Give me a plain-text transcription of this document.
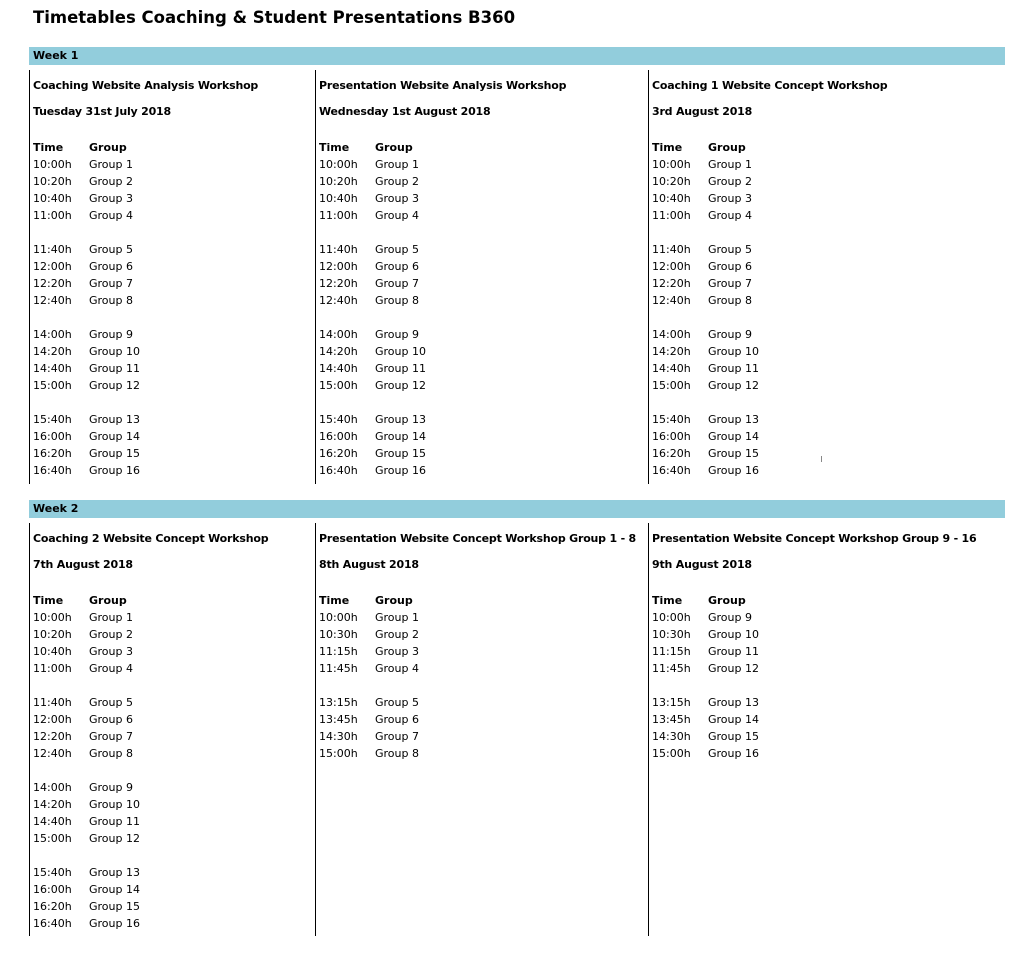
Timetables Coaching & Student Presentations B360
Week 1
Week 2
Coaching Website Analysis Workshop
Tuesday 31st July 2018
Time Group
10:00h Group 1
10:20h Group 2
10:40h Group 3
11:00h Group 4
11:40h Group 5
12:00h Group 6
12:20h Group 7
12:40h Group 8
14:00h Group 9
14:20h Group 10
14:40h Group 11
15:00h Group 12
15:40h Group 13
16:00h Group 14
16:20h Group 15
16:40h Group 16
Presentation Website Analysis Workshop
Wednesday 1st August 2018
Time Group
10:00h Group 1
10:20h Group 2
10:40h Group 3
11:00h Group 4
11:40h Group 5
12:00h Group 6
12:20h Group 7
12:40h Group 8
14:00h Group 9
14:20h Group 10
14:40h Group 11
15:00h Group 12
15:40h Group 13
16:00h Group 14
16:20h Group 15
16:40h Group 16
Coaching 1 Website Concept Workshop
3rd August 2018
Time Group
10:00h Group 1
10:20h Group 2
10:40h Group 3
11:00h Group 4
11:40h Group 5
12:00h Group 6
12:20h Group 7
12:40h Group 8
14:00h Group 9
14:20h Group 10
14:40h Group 11
15:00h Group 12
15:40h Group 13
16:00h Group 14
16:20h Group 15
16:40h Group 16
Coaching 2 Website Concept Workshop
7th August 2018
Time Group
10:00h Group 1
10:20h Group 2
10:40h Group 3
11:00h Group 4
11:40h Group 5
12:00h Group 6
12:20h Group 7
12:40h Group 8
14:00h Group 9
14:20h Group 10
14:40h Group 11
15:00h Group 12
15:40h Group 13
16:00h Group 14
16:20h Group 15
16:40h Group 16
Presentation Website Concept Workshop Group 1 - 8
8th August 2018
Time Group
10:00h Group 1
10:30h Group 2
11:15h Group 3
11:45h Group 4
13:15h Group 5
13:45h Group 6
14:30h Group 7
15:00h Group 8
Presentation Website Concept Workshop Group 9 - 16
9th August 2018
Time Group
10:00h Group 9
10:30h Group 10
11:15h Group 11
11:45h Group 12
13:15h Group 13
13:45h Group 14
14:30h Group 15
15:00h Group 16
